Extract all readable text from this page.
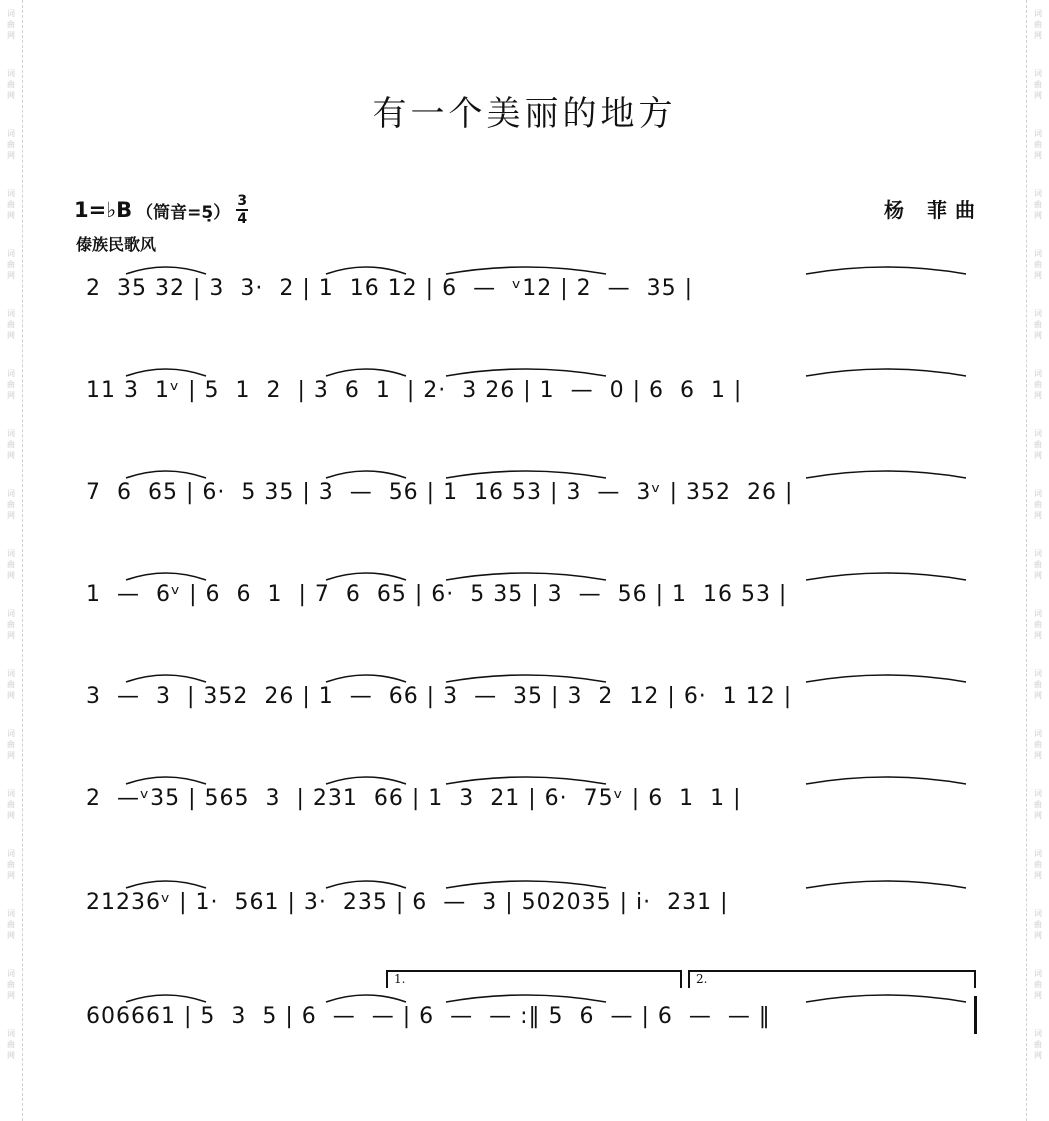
词曲网
词曲网
词曲网
词曲网
词曲网
词曲网
词曲网
词曲网
词曲网
词曲网
词曲网
词曲网
词曲网
词曲网
词曲网
词曲网
词曲网
词曲网
词曲网
词曲网
词曲网
词曲网
词曲网
词曲网
词曲网
词曲网
词曲网
词曲网
词曲网
词曲网
词曲网
词曲网
词曲网
词曲网
词曲网
词曲网
有一个美丽的地方
1=♭B （筒音=5̣）
3
4	杨 菲曲
傣族民歌风
2  35 32 | 3  3·  2 | 1  16 12 | 6  —  ᵛ12 | 2  —  35 |
11 3  1ᵛ | 5  1  2  | 3  6  1  | 2·  3 26 | 1  —  0 | 6  6  1 |
7  6  65 | 6·  5 35 | 3  —  56 | 1  16 53 | 3  —  3ᵛ | 352  26 |
1  —  6ᵛ | 6  6  1  | 7  6  65 | 6·  5 35 | 3  —  56 | 1  16 53 |
3  —  3  | 352  26 | 1  —  66 | 3  —  35 | 3  2  12 | 6·  1 12 |
2  —ᵛ35 | 565  3  | 231  66 | 1  3  21 | 6·  75ᵛ | 6  1  1 |
21236ᵛ | 1·  561 | 3·  235 | 6  —  3 | 502035 | i·  231 |
606661 | 5  3  5 | 6  —  — | 6  —  — :‖ 5  6  — | 6  —  — ‖
1.	2.
